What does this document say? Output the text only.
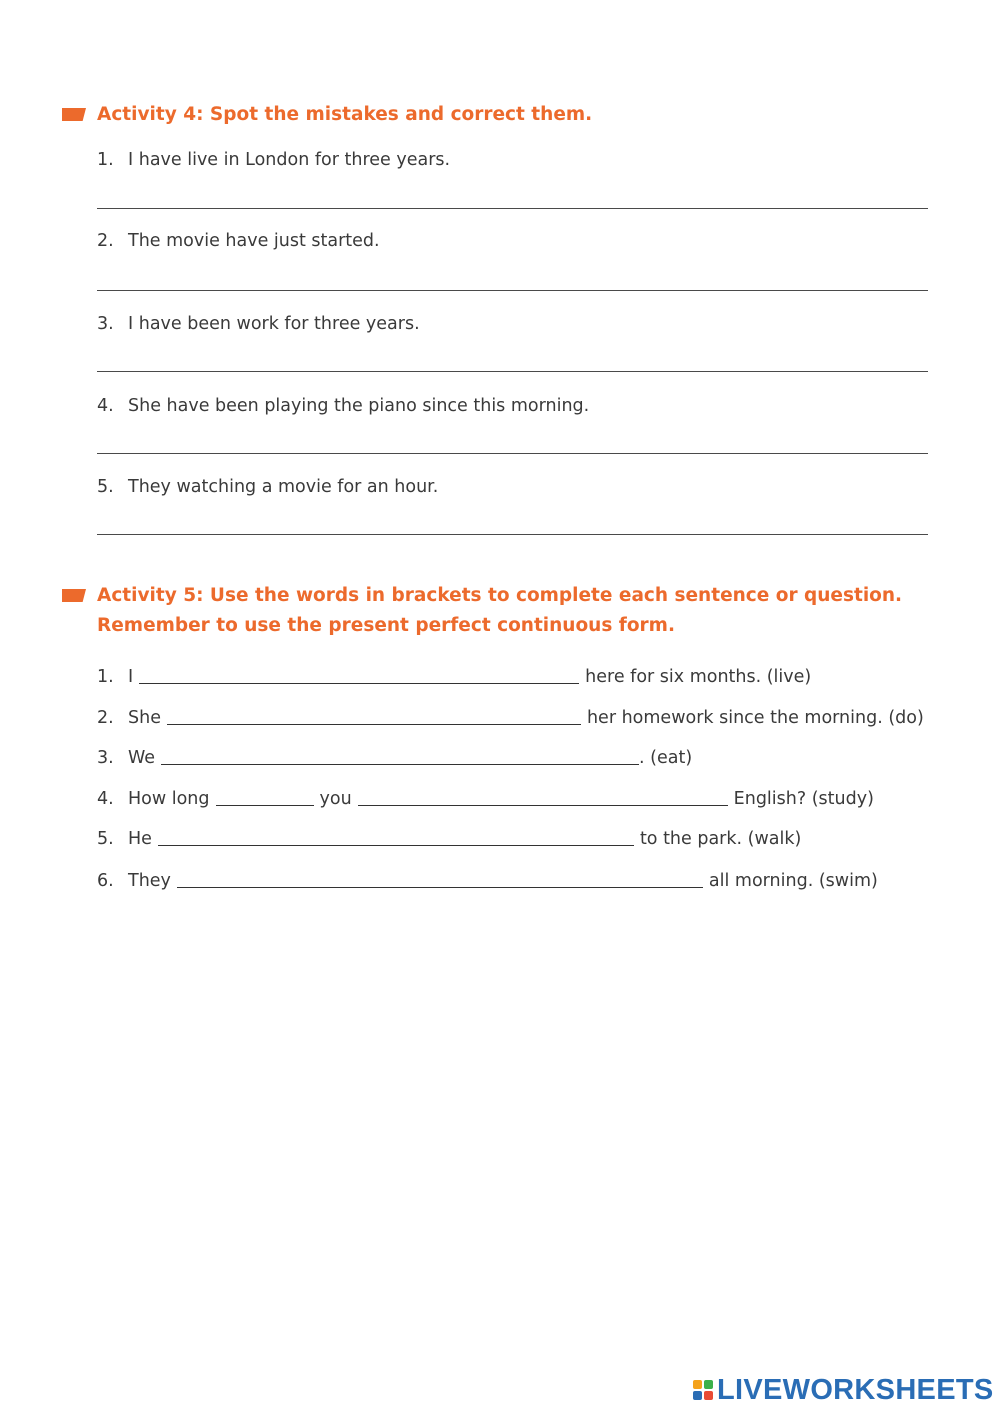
Activity 4: Spot the mistakes and correct them.
1. I have live in London for three years.
2. The movie have just started.
3. I have been work for three years.
4. She have been playing the piano since this morning.
5. They watching a movie for an hour.
Activity 5: Use the words in brackets to complete each sentence or question.
Remember to use the present perfect continuous form.
1. I	here for six months. (live)
2. She	her homework since the morning. (do)
3. We	. (eat)
4. How long	you	English? (study)
5. He	to the park. (walk)
6. They	all morning. (swim)
LIVEWORKSHEETS
